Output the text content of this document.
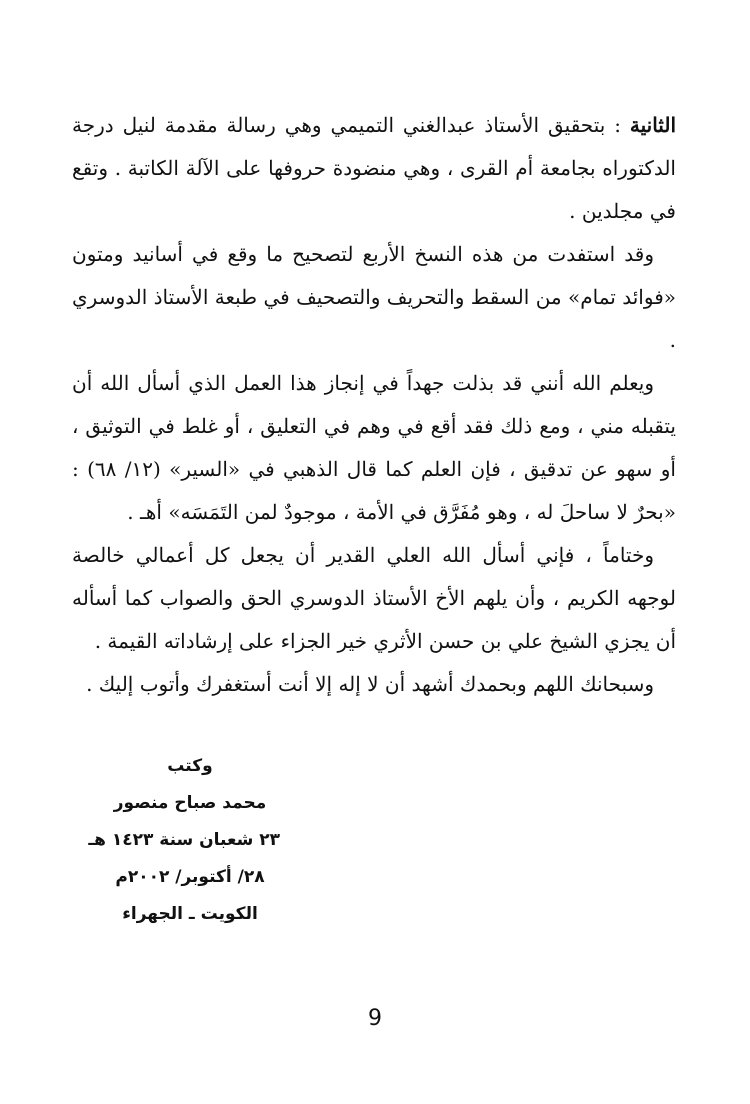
الثانية : بتحقيق الأستاذ عبدالغني التميمي وهي رسالة مقدمة لنيل درجة الدكتوراه بجامعة أم القرى ، وهي منضودة حروفها على الآلة الكاتبة . وتقع في مجلدين .

وقد استفدت من هذه النسخ الأربع لتصحيح ما وقع في أسانيد ومتون «فوائد تمام» من السقط والتحريف والتصحيف في طبعة الأستاذ الدوسري .

ويعلم الله أنني قد بذلت جهداً في إنجاز هذا العمل الذي أسأل الله أن يتقبله مني ، ومع ذلك فقد أقع في وهم في التعليق ، أو غلط في التوثيق ، أو سهو عن تدقيق ، فإن العلم كما قال الذهبي في «السير» (١٢/ ٦٨) : «بحرٌ لا ساحلَ له ، وهو مُفَرَّق في الأمة ، موجودٌ لمن التَمَسَه» أهـ .

وختاماً ، فإني أسأل الله العلي القدير أن يجعل كل أعمالي خالصة لوجهه الكريم ، وأن يلهم الأخ الأستاذ الدوسري الحق والصواب كما أسأله أن يجزي الشيخ علي بن حسن الأثري خير الجزاء على إرشاداته القيمة .

وسبحانك اللهم وبحمدك أشهد أن لا إله إلا أنت أستغفرك وأتوب إليك .

وكتب
محمد صباح منصور
٢٣ شعبان سنة ١٤٢٣ هـ
٢٨/ أكتوبر/ ٢٠٠٢م
الكويت ـ الجهراء
9
